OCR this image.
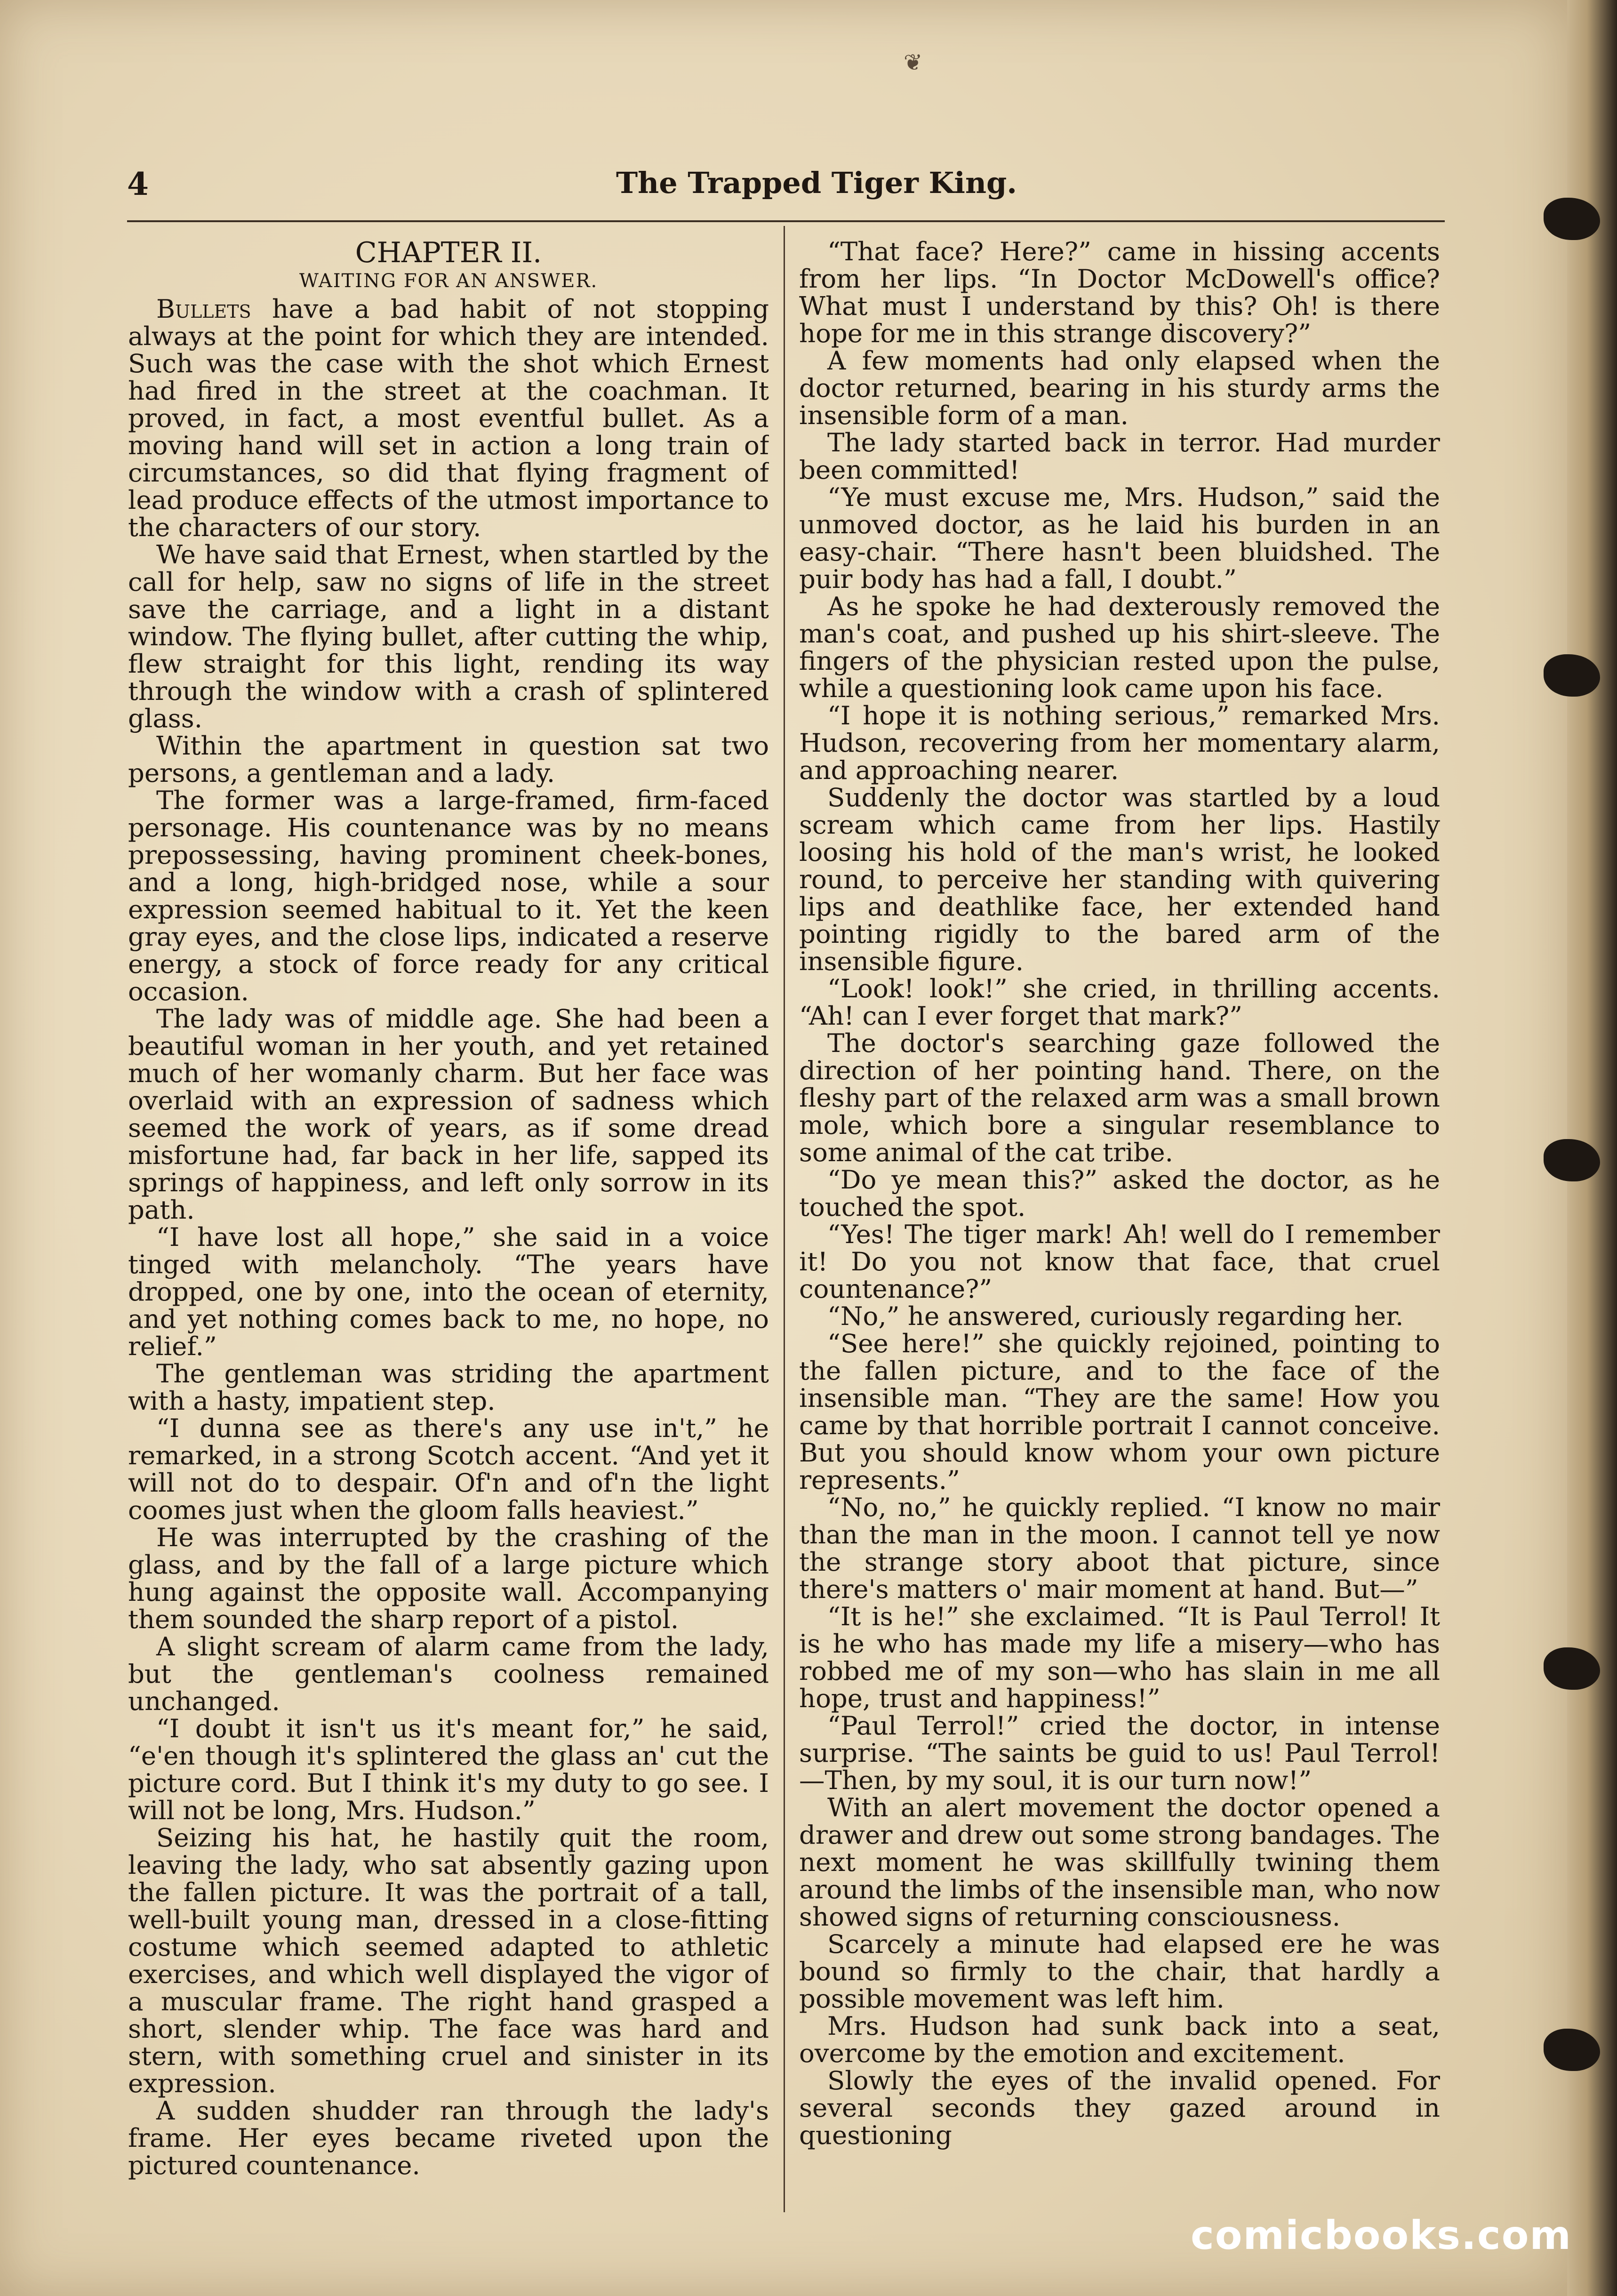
❦
4	The Trapped Tiger King.
CHAPTER II.
WAITING FOR AN ANSWER.

Bullets have a bad habit of not stopping always at the point for which they are intended. Such was the case with the shot which Ernest had fired in the street at the coachman. It proved, in fact, a most eventful bullet. As a moving hand will set in action a long train of circumstances, so did that flying fragment of lead produce effects of the utmost importance to the characters of our story.

We have said that Ernest, when startled by the call for help, saw no signs of life in the street save the carriage, and a light in a distant window. The flying bullet, after cutting the whip, flew straight for this light, rending its way through the window with a crash of splintered glass.

Within the apartment in question sat two persons, a gentleman and a lady.

The former was a large-framed, firm-faced personage. His countenance was by no means prepossessing, having prominent cheek-bones, and a long, high-bridged nose, while a sour expression seemed habitual to it. Yet the keen gray eyes, and the close lips, indicated a reserve energy, a stock of force ready for any critical occasion.

The lady was of middle age. She had been a beautiful woman in her youth, and yet retained much of her womanly charm. But her face was overlaid with an expression of sadness which seemed the work of years, as if some dread misfortune had, far back in her life, sapped its springs of happiness, and left only sorrow in its path.

“I have lost all hope,” she said in a voice tinged with melancholy. “The years have dropped, one by one, into the ocean of eternity, and yet nothing comes back to me, no hope, no relief.”

The gentleman was striding the apartment with a hasty, impatient step.

“I dunna see as there's any use in't,” he remarked, in a strong Scotch accent. “And yet it will not do to despair. Of'n and of'n the light coomes just when the gloom falls heaviest.”

He was interrupted by the crashing of the glass, and by the fall of a large picture which hung against the opposite wall. Accompanying them sounded the sharp report of a pistol.

A slight scream of alarm came from the lady, but the gentleman's coolness remained unchanged.

“I doubt it isn't us it's meant for,” he said, “e'en though it's splintered the glass an' cut the picture cord. But I think it's my duty to go see. I will not be long, Mrs. Hudson.”

Seizing his hat, he hastily quit the room, leaving the lady, who sat absently gazing upon the fallen picture. It was the portrait of a tall, well-built young man, dressed in a close-fitting costume which seemed adapted to athletic exercises, and which well displayed the vigor of a muscular frame. The right hand grasped a short, slender whip. The face was hard and stern, with something cruel and sinister in its expression.

A sudden shudder ran through the lady's frame. Her eyes became riveted upon the pictured countenance.

“That face? Here?” came in hissing accents from her lips. “In Doctor McDowell's office? What must I understand by this? Oh! is there hope for me in this strange discovery?”

A few moments had only elapsed when the doctor returned, bearing in his sturdy arms the insensible form of a man.

The lady started back in terror. Had murder been committed!

“Ye must excuse me, Mrs. Hudson,” said the unmoved doctor, as he laid his burden in an easy-chair. “There hasn't been bluidshed. The puir body has had a fall, I doubt.”

As he spoke he had dexterously removed the man's coat, and pushed up his shirt-sleeve. The fingers of the physician rested upon the pulse, while a questioning look came upon his face.

“I hope it is nothing serious,” remarked Mrs. Hudson, recovering from her momentary alarm, and approaching nearer.

Suddenly the doctor was startled by a loud scream which came from her lips. Hastily loosing his hold of the man's wrist, he looked round, to perceive her standing with quivering lips and deathlike face, her extended hand pointing rigidly to the bared arm of the insensible figure.

“Look! look!” she cried, in thrilling accents. “Ah! can I ever forget that mark?”

The doctor's searching gaze followed the direction of her pointing hand. There, on the fleshy part of the relaxed arm was a small brown mole, which bore a singular resemblance to some animal of the cat tribe.

“Do ye mean this?” asked the doctor, as he touched the spot.

“Yes! The tiger mark! Ah! well do I remember it! Do you not know that face, that cruel countenance?”

“No,” he answered, curiously regarding her.

“See here!” she quickly rejoined, pointing to the fallen picture, and to the face of the insensible man. “They are the same! How you came by that horrible portrait I cannot conceive. But you should know whom your own picture represents.”

“No, no,” he quickly replied. “I know no mair than the man in the moon. I cannot tell ye now the strange story aboot that picture, since there's matters o' mair moment at hand. But—”

“It is he!” she exclaimed. “It is Paul Terrol! It is he who has made my life a misery—who has robbed me of my son—who has slain in me all hope, trust and happiness!”

“Paul Terrol!” cried the doctor, in intense surprise. “The saints be guid to us! Paul Terrol!—Then, by my soul, it is our turn now!”

With an alert movement the doctor opened a drawer and drew out some strong bandages. The next moment he was skillfully twining them around the limbs of the insensible man, who now showed signs of returning consciousness.

Scarcely a minute had elapsed ere he was bound so firmly to the chair, that hardly a possible movement was left him.

Mrs. Hudson had sunk back into a seat, overcome by the emotion and excitement.

Slowly the eyes of the invalid opened. For several seconds they gazed around in questioning

comicbooks.com
